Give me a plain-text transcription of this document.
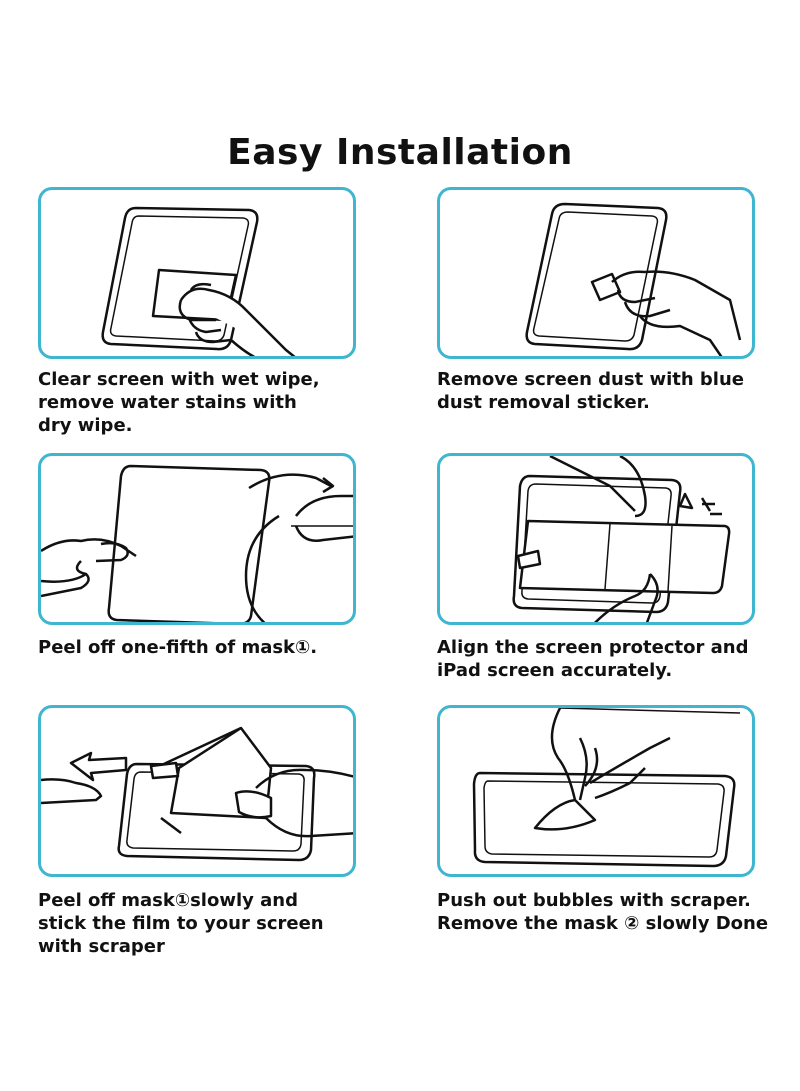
Easy Installation
Clear screen with wet wipe,
remove water stains with
dry wipe.
Remove screen dust with blue
dust removal sticker.
Peel off one-fifth of mask①.	Align the screen protector and
iPad screen accurately.
Peel off mask①slowly and
stick the film to your screen
with scraper
Push out bubbles with scraper.
Remove the mask ② slowly Done
